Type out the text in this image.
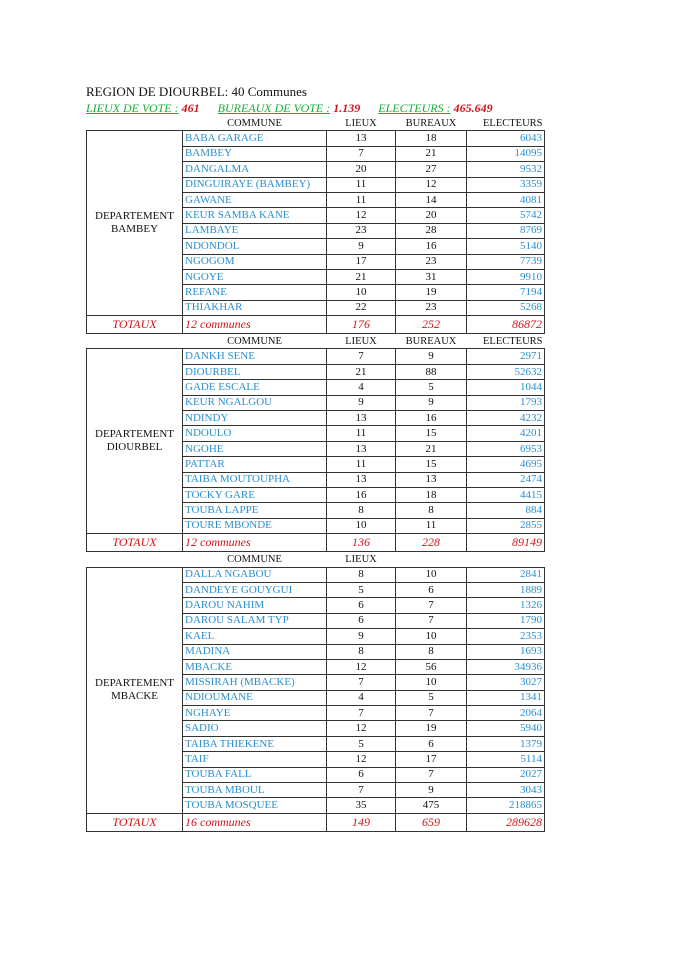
REGION DE DIOURBEL: 40 Communes
LIEUX DE VOTE : 461 BUREAUX DE VOTE : 1.139 ELECTEURS : 465.649
	COMMUNE	LIEUX	BUREAUX	ELECTEURS
DEPARTEMENT
BAMBEY	BABA GARAGE	13	18	6043
	BAMBEY	7	21	14095
	DANGALMA	20	27	9532
	DINGUIRAYE (BAMBEY)	11	12	3359
	GAWANE	11	14	4081
	KEUR SAMBA KANE	12	20	5742
	LAMBAYE	23	28	8769
	NDONDOL	9	16	5140
	NGOGOM	17	23	7739
	NGOYE	21	31	9910
	REFANE	10	19	7194
	THIAKHAR	22	23	5268
TOTAUX	12 communes	176	252	86872
	COMMUNE	LIEUX	BUREAUX	ELECTEURS
DEPARTEMENT
DIOURBEL	DANKH SENE	7	9	2971
	DIOURBEL	21	88	52632
	GADE ESCALE	4	5	1044
	KEUR NGALGOU	9	9	1793
	NDINDY	13	16	4232
	NDOULO	11	15	4201
	NGOHE	13	21	6953
	PATTAR	11	15	4695
	TAIBA MOUTOUPHA	13	13	2474
	TOCKY GARE	16	18	4415
	TOUBA LAPPE	8	8	884
	TOURE MBONDE	10	11	2855
TOTAUX	12 communes	136	228	89149
	COMMUNE	LIEUX		
DEPARTEMENT
MBACKE	DALLA NGABOU	8	10	2841
	DANDEYE GOUYGUI	5	6	1889
	DAROU NAHIM	6	7	1326
	DAROU SALAM TYP	6	7	1790
	KAEL	9	10	2353
	MADINA	8	8	1693
	MBACKE	12	56	34936
	MISSIRAH (MBACKE)	7	10	3027
	NDIOUMANE	4	5	1341
	NGHAYE	7	7	2064
	SADIO	12	19	5940
	TAIBA THIEKENE	5	6	1379
	TAIF	12	17	5114
	TOUBA FALL	6	7	2027
	TOUBA MBOUL	7	9	3043
	TOUBA MOSQUEE	35	475	218865
TOTAUX	16 communes	149	659	289628
